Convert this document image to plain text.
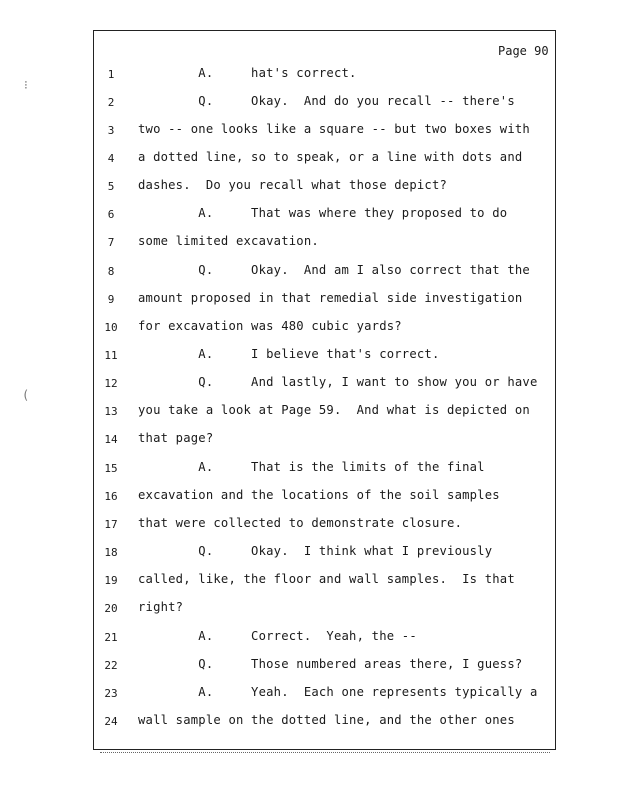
Page 90
⁝
(
1	A.     hat's correct.
2	Q.     Okay.  And do you recall -- there's
3	two -- one looks like a square -- but two boxes with
4	a dotted line, so to speak, or a line with dots and
5	dashes.  Do you recall what those depict?
6	A.     That was where they proposed to do
7	some limited excavation.
8	Q.     Okay.  And am I also correct that the
9	amount proposed in that remedial side investigation
10	for excavation was 480 cubic yards?
11	A.     I believe that's correct.
12	Q.     And lastly, I want to show you or have
13	you take a look at Page 59.  And what is depicted on
14	that page?
15	A.     That is the limits of the final
16	excavation and the locations of the soil samples
17	that were collected to demonstrate closure.
18	Q.     Okay.  I think what I previously
19	called, like, the floor and wall samples.  Is that
20	right?
21	A.     Correct.  Yeah, the --
22	Q.     Those numbered areas there, I guess?
23	A.     Yeah.  Each one represents typically a
24	wall sample on the dotted line, and the other ones
